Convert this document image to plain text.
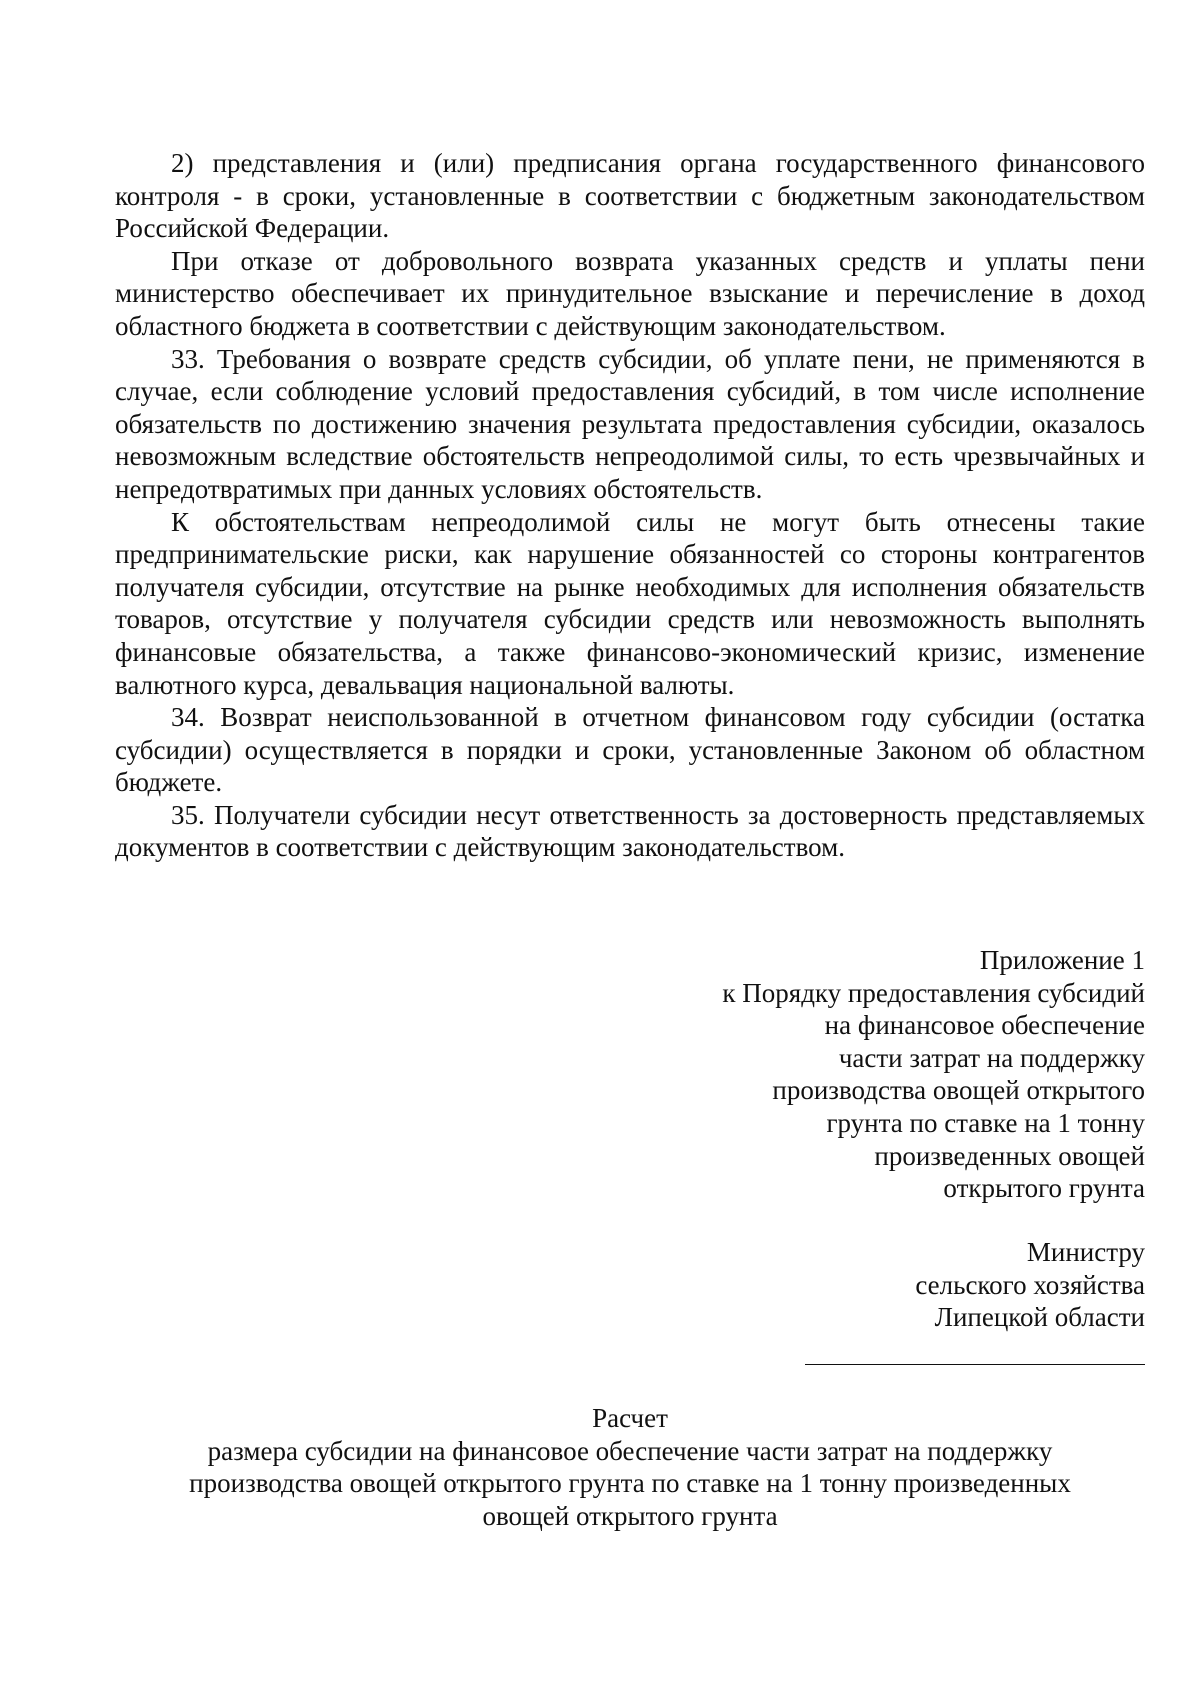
2) представления и (или) предписания органа государственного финансового контроля - в сроки, установленные в соответствии с бюджетным законодательством Российской Федерации.

При отказе от добровольного возврата указанных средств и уплаты пени министерство обеспечивает их принудительное взыскание и перечисление в доход областного бюджета в соответствии с действующим законодательством.

33. Требования о возврате средств субсидии, об уплате пени, не применяются в случае, если соблюдение условий предоставления субсидий, в том числе исполнение обязательств по достижению значения результата предоставления субсидии, оказалось невозможным вследствие обстоятельств непреодолимой силы, то есть чрезвычайных и непредотвратимых при данных условиях обстоятельств.

К обстоятельствам непреодолимой силы не могут быть отнесены такие предпринимательские риски, как нарушение обязанностей со стороны контрагентов получателя субсидии, отсутствие на рынке необходимых для исполнения обязательств товаров, отсутствие у получателя субсидии средств или невозможность выполнять финансовые обязательства, а также финансово-экономический кризис, изменение валютного курса, девальвация национальной валюты.

34. Возврат неиспользованной в отчетном финансовом году субсидии (остатка субсидии) осуществляется в порядки и сроки, установленные Законом об областном бюджете.

35. Получатели субсидии несут ответственность за достоверность представляемых документов в соответствии с действующим законодательством.

Приложение 1
к Порядку предоставления субсидий
на финансовое обеспечение
части затрат на поддержку
производства овощей открытого
грунта по ставке на 1 тонну
произведенных овощей
открытого грунта
Министру
сельского хозяйства
Липецкой области
Расчет
размера субсидии на финансовое обеспечение части затрат на поддержку
производства овощей открытого грунта по ставке на 1 тонну произведенных
овощей открытого грунта
